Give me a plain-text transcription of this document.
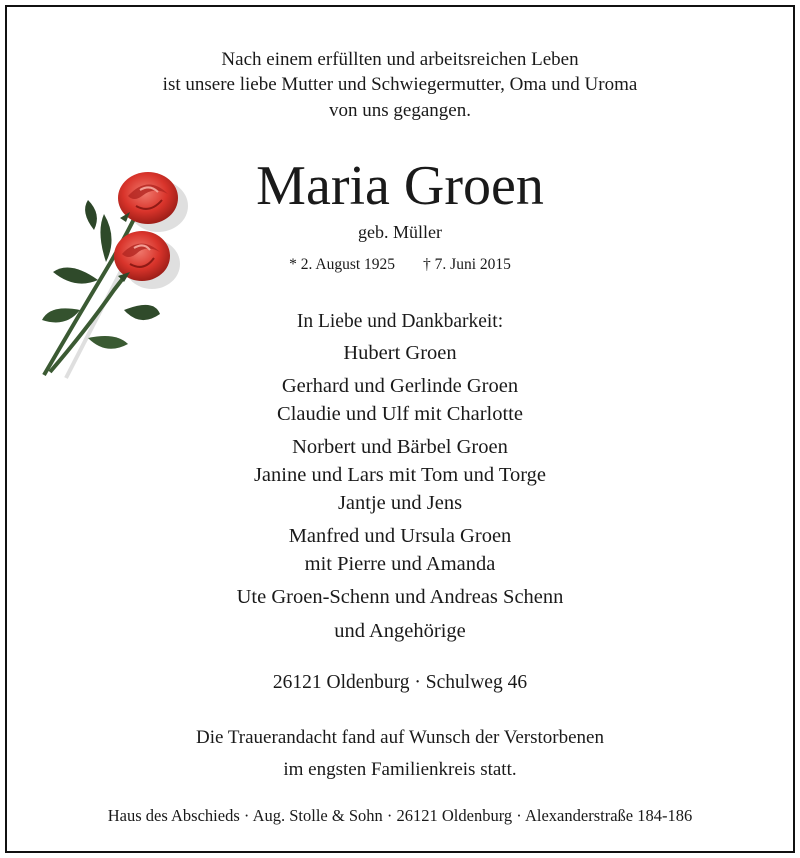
Nach einem erfüllten und arbeitsreichen Leben
ist unsere liebe Mutter und Schwiegermutter, Oma und Uroma
von uns gegangen.
Maria Groen
geb. Müller
* 2. August 1925 † 7. Juni 2015
In Liebe und Dankbarkeit:
Hubert Groen
Gerhard und Gerlinde Groen
Claudie und Ulf mit Charlotte
Norbert und Bärbel Groen
Janine und Lars mit Tom und Torge
Jantje und Jens
Manfred und Ursula Groen
mit Pierre und Amanda
Ute Groen-Schenn und Andreas Schenn
und Angehörige
26121 Oldenburg · Schulweg 46
Die Trauerandacht fand auf Wunsch der Verstorbenen
im engsten Familienkreis statt.
Haus des Abschieds · Aug. Stolle & Sohn · 26121 Oldenburg · Alexanderstraße 184-186
